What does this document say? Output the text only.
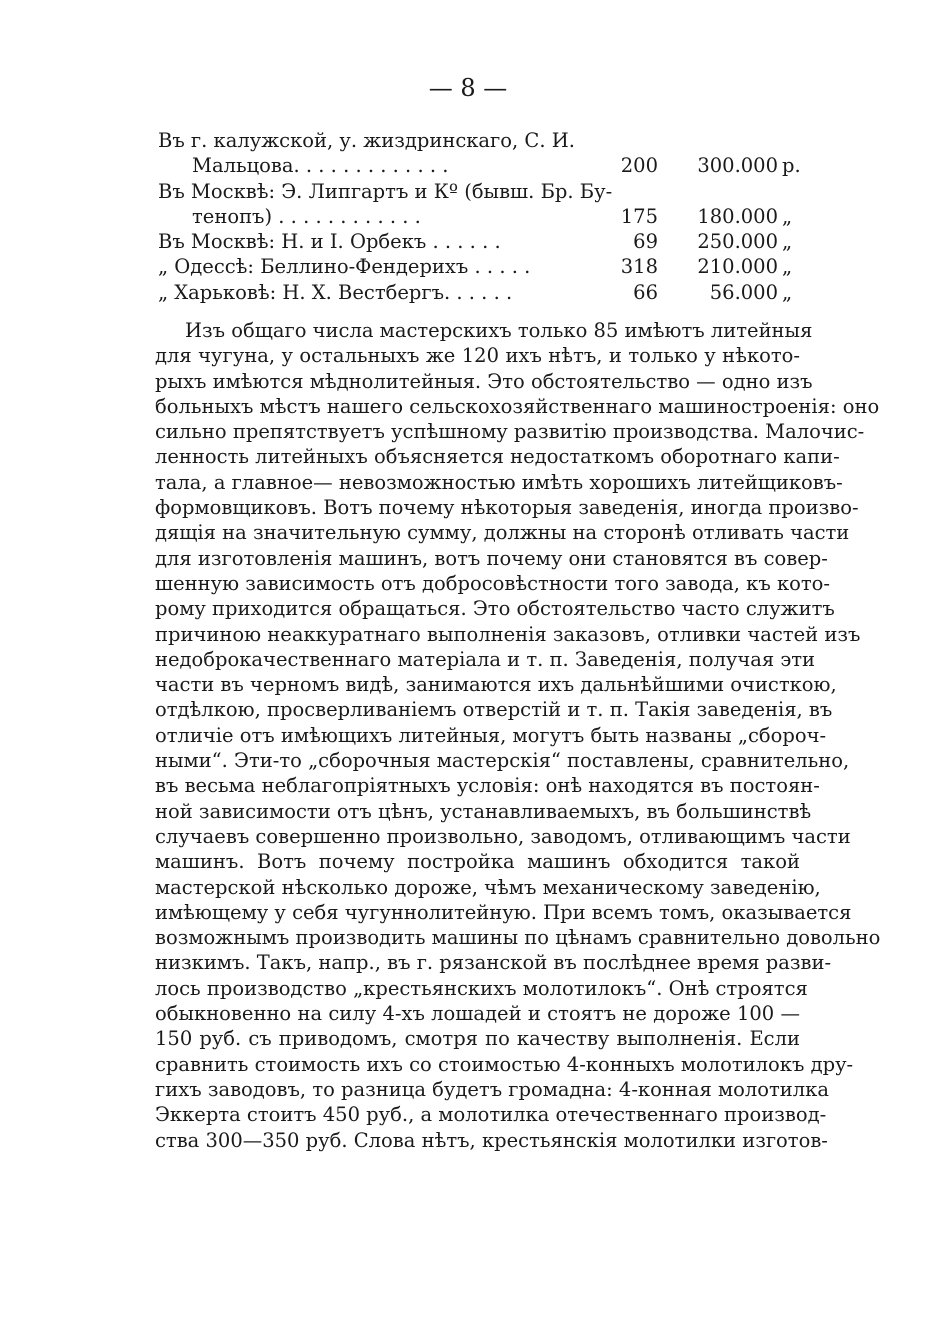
— 8 —
Въ г. калужской, у. жиздринскаго, С. И.
Мальцова. . . . . . . . . . . . .	200	300.000 р.
Въ Москвѣ: Э. Липгартъ и Кº (бывш. Бр. Бу-
тенопъ) . . . . . . . . . . . .	175	180.000 „
Въ Москвѣ: Н. и I. Орбекъ . . . . . .	69	250.000 „
„ Одессѣ: Беллино-Фендерихъ . . . . .	318	210.000 „
„ Харьковѣ: Н. Х. Вестбергъ. . . . . .	66	56.000 „
Изъ общаго числа мастерскихъ только 85 имѣютъ литейныя
для чугуна, у остальныхъ же 120 ихъ нѣтъ, и только у нѣкото-
рыхъ имѣются мѣднолитейныя. Это обстоятельство — одно изъ
больныхъ мѣстъ нашего сельскохозяйственнаго машиностроенія: оно
сильно препятствуетъ успѣшному развитію производства. Малочис-
ленность литейныхъ объясняется недостаткомъ оборотнаго капи-
тала, а главное— невозможностью имѣть хорошихъ литейщиковъ-
формовщиковъ. Вотъ почему нѣкоторыя заведенія, иногда произво-
дящія на значительную сумму, должны на сторонѣ отливать части
для изготовленія машинъ, вотъ почему они становятся въ совер-
шенную зависимость отъ добросовѣстности того завода, къ кото-
рому приходится обращаться. Это обстоятельство часто служитъ
причиною неаккуратнаго выполненія заказовъ, отливки частей изъ
недоброкачественнаго матеріала и т. п. Заведенія, получая эти
части въ черномъ видѣ, занимаются ихъ дальнѣйшими очисткою,
отдѣлкою, просверливаніемъ отверстій и т. п. Такія заведенія, въ
отличіе отъ имѣющихъ литейныя, могутъ быть названы „сбороч-
ными“. Эти-то „сборочныя мастерскія“ поставлены, сравнительно,
въ весьма неблагопріятныхъ условія: онѣ находятся въ постоян-
ной зависимости отъ цѣнъ, устанавливаемыхъ, въ большинствѣ
случаевъ совершенно произвольно, заводомъ, отливающимъ части
машинъ. Вотъ почему постройка машинъ обходится такой
мастерской нѣсколько дороже, чѣмъ механическому заведенію,
имѣющему у себя чугуннолитейную. При всемъ томъ, оказывается
возможнымъ производить машины по цѣнамъ сравнительно довольно
низкимъ. Такъ, напр., въ г. рязанской въ послѣднее время разви-
лось производство „крестьянскихъ молотилокъ“. Онѣ строятся
обыкновенно на силу 4-хъ лошадей и стоятъ не дороже 100 —
150 руб. съ приводомъ, смотря по качеству выполненія. Если
сравнить стоимость ихъ со стоимостью 4-конныхъ молотилокъ дру-
гихъ заводовъ, то разница будетъ громадна: 4-конная молотилка
Эккерта стоитъ 450 руб., а молотилка отечественнаго производ-
ства 300—350 руб. Слова нѣтъ, крестьянскія молотилки изготов-
